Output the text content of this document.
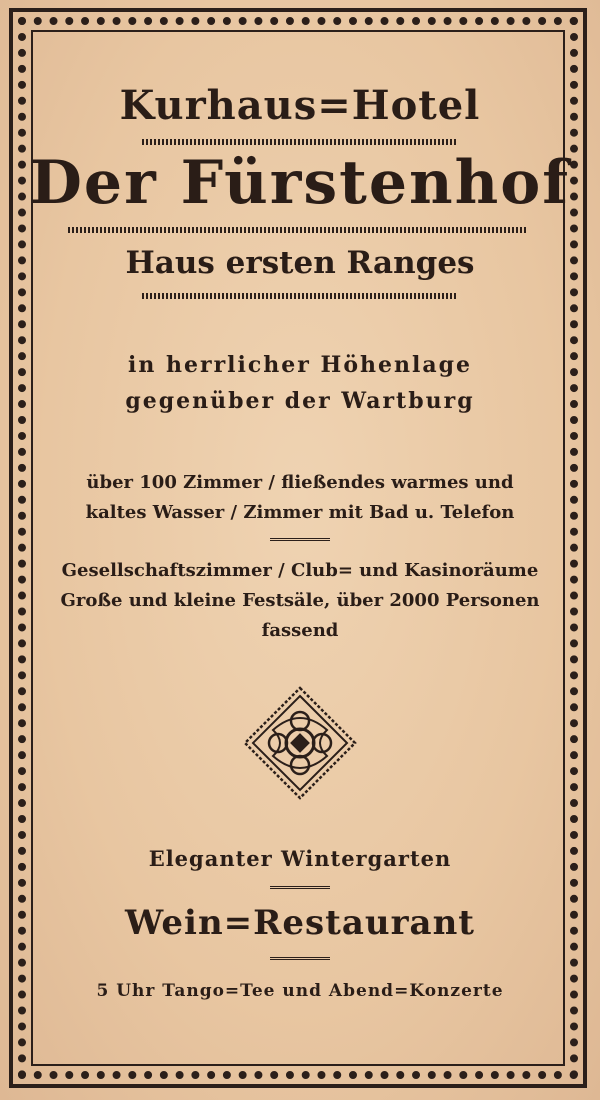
Kurhaus=Hotel
Der Fürstenhof
Haus ersten Ranges
in herrlicher Höhenlage
gegenüber der Wartburg
über 100 Zimmer / fließendes warmes und
kaltes Wasser / Zimmer mit Bad u. Telefon
Gesellschaftszimmer / Club= und Kasinoräume
Große und kleine Festsäle, über 2000 Personen
fassend
Eleganter Wintergarten
Wein=Restaurant
5 Uhr Tango=Tee und Abend=Konzerte
